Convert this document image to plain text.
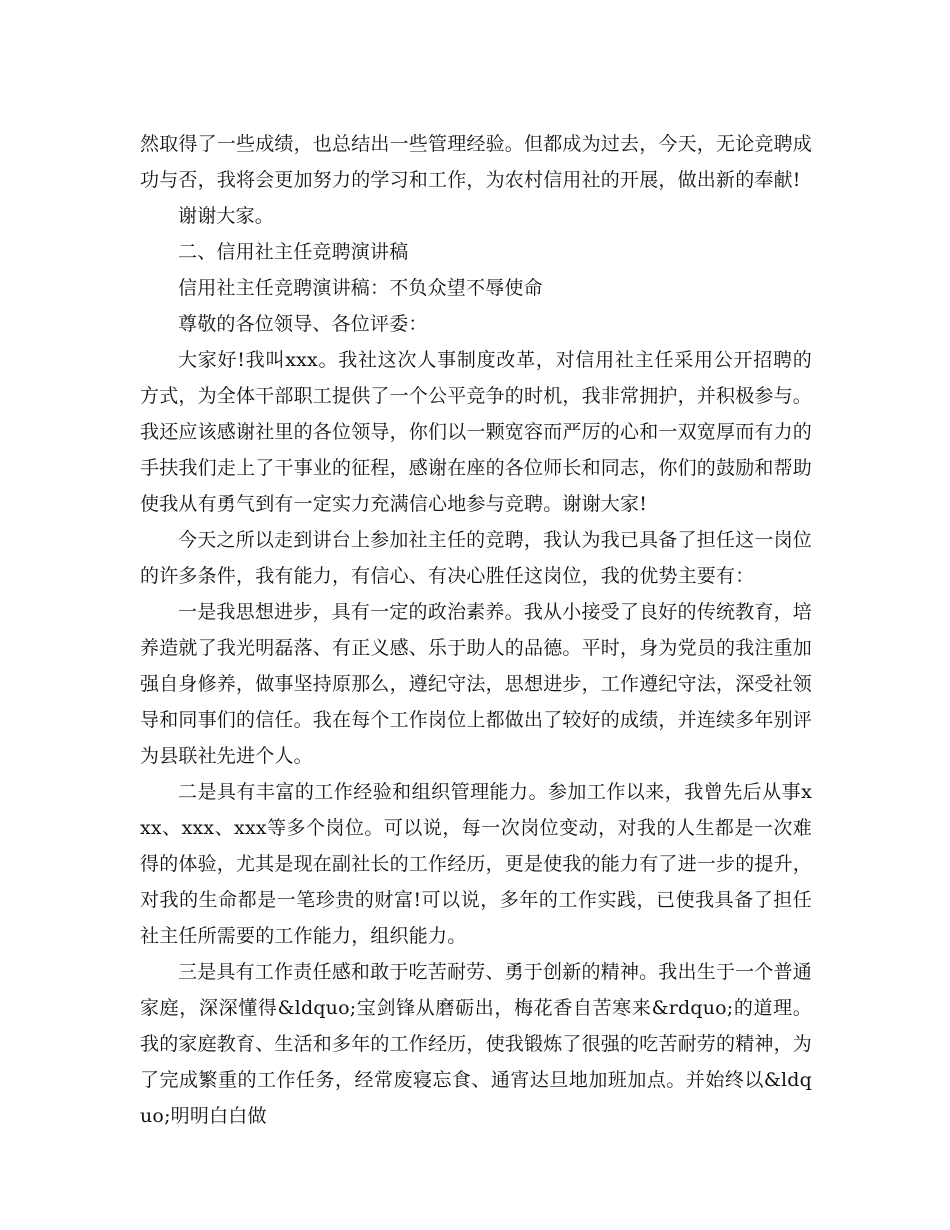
然取得了一些成绩，也总结出一些管理经验。但都成为过去，今天，无论竞聘成功与否，我将会更加努力的学习和工作，为农村信用社的开展，做出新的奉献!

谢谢大家。

二、信用社主任竞聘演讲稿

信用社主任竞聘演讲稿：不负众望不辱使命

尊敬的各位领导、各位评委：

大家好!我叫xxx。我社这次人事制度改革，对信用社主任采用公开招聘的方式，为全体干部职工提供了一个公平竞争的时机，我非常拥护，并积极参与。我还应该感谢社里的各位领导，你们以一颗宽容而严厉的心和一双宽厚而有力的手扶我们走上了干事业的征程，感谢在座的各位师长和同志，你们的鼓励和帮助使我从有勇气到有一定实力充满信心地参与竞聘。谢谢大家!

今天之所以走到讲台上参加社主任的竞聘，我认为我已具备了担任这一岗位的许多条件，我有能力，有信心、有决心胜任这岗位，我的优势主要有：

一是我思想进步，具有一定的政治素养。我从小接受了良好的传统教育，培养造就了我光明磊落、有正义感、乐于助人的品德。平时，身为党员的我注重加强自身修养，做事坚持原那么，遵纪守法，思想进步，工作遵纪守法，深受社领导和同事们的信任。我在每个工作岗位上都做出了较好的成绩，并连续多年别评为县联社先进个人。

二是具有丰富的工作经验和组织管理能力。参加工作以来，我曾先后从事xxx、xxx、xxx等多个岗位。可以说，每一次岗位变动，对我的人生都是一次难得的体验，尤其是现在副社长的工作经历，更是使我的能力有了进一步的提升，对我的生命都是一笔珍贵的财富!可以说，多年的工作实践，已使我具备了担任社主任所需要的工作能力，组织能力。

三是具有工作责任感和敢于吃苦耐劳、勇于创新的精神。我出生于一个普通家庭，深深懂得&ldquo;宝剑锋从磨砺出，梅花香自苦寒来&rdquo;的道理。我的家庭教育、生活和多年的工作经历，使我锻炼了很强的吃苦耐劳的精神，为了完成繁重的工作任务，经常废寝忘食、通宵达旦地加班加点。并始终以&ldquo;明明白白做
